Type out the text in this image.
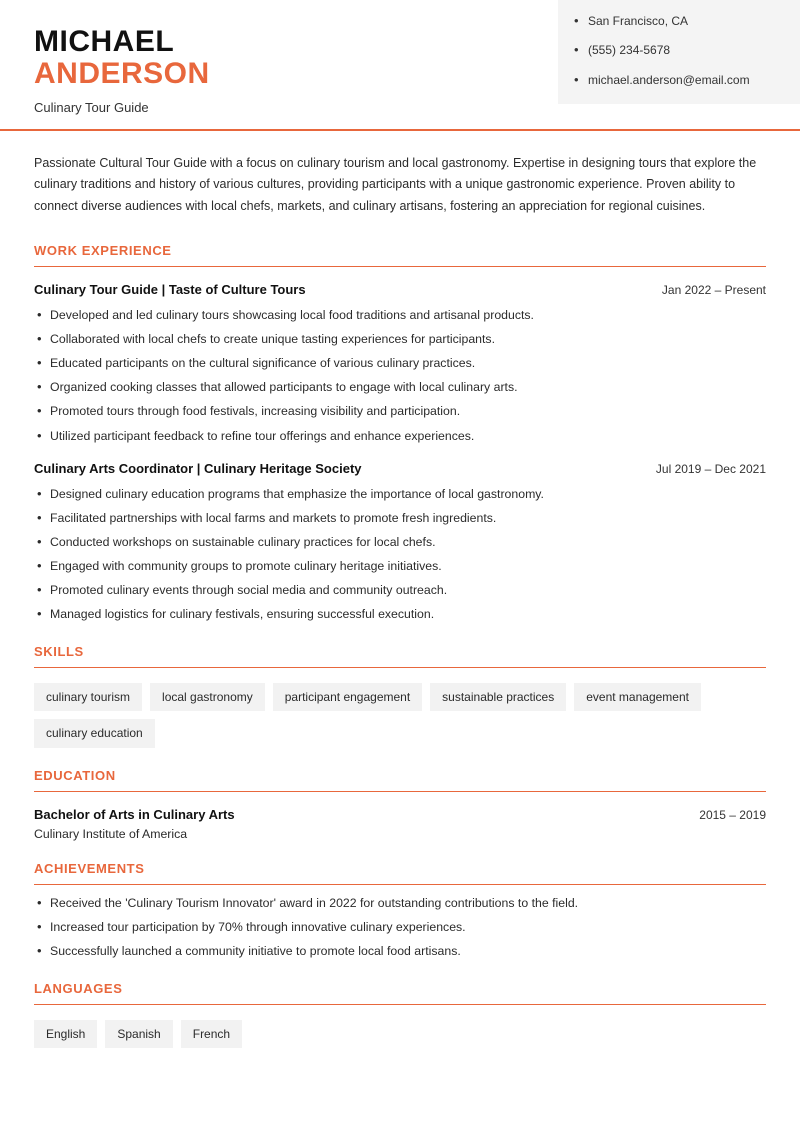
MICHAEL
ANDERSON
Culinary Tour Guide
• San Francisco, CA
• (555) 234-5678
• michael.anderson@email.com
Passionate Cultural Tour Guide with a focus on culinary tourism and local gastronomy. Expertise in designing tours that explore the culinary traditions and history of various cultures, providing participants with a unique gastronomic experience. Proven ability to connect diverse audiences with local chefs, markets, and culinary artisans, fostering an appreciation for regional cuisines.
WORK EXPERIENCE
Culinary Tour Guide | Taste of Culture Tours	Jan 2022 – Present
• Developed and led culinary tours showcasing local food traditions and artisanal products.
• Collaborated with local chefs to create unique tasting experiences for participants.
• Educated participants on the cultural significance of various culinary practices.
• Organized cooking classes that allowed participants to engage with local culinary arts.
• Promoted tours through food festivals, increasing visibility and participation.
• Utilized participant feedback to refine tour offerings and enhance experiences.
Culinary Arts Coordinator | Culinary Heritage Society	Jul 2019 – Dec 2021
• Designed culinary education programs that emphasize the importance of local gastronomy.
• Facilitated partnerships with local farms and markets to promote fresh ingredients.
• Conducted workshops on sustainable culinary practices for local chefs.
• Engaged with community groups to promote culinary heritage initiatives.
• Promoted culinary events through social media and community outreach.
• Managed logistics for culinary festivals, ensuring successful execution.
SKILLS
culinary tourism	local gastronomy	participant engagement	sustainable practices	event management
culinary education
EDUCATION
Bachelor of Arts in Culinary Arts	2015 – 2019
Culinary Institute of America
ACHIEVEMENTS
• Received the 'Culinary Tourism Innovator' award in 2022 for outstanding contributions to the field.
• Increased tour participation by 70% through innovative culinary experiences.
• Successfully launched a community initiative to promote local food artisans.
LANGUAGES
English	Spanish	French
